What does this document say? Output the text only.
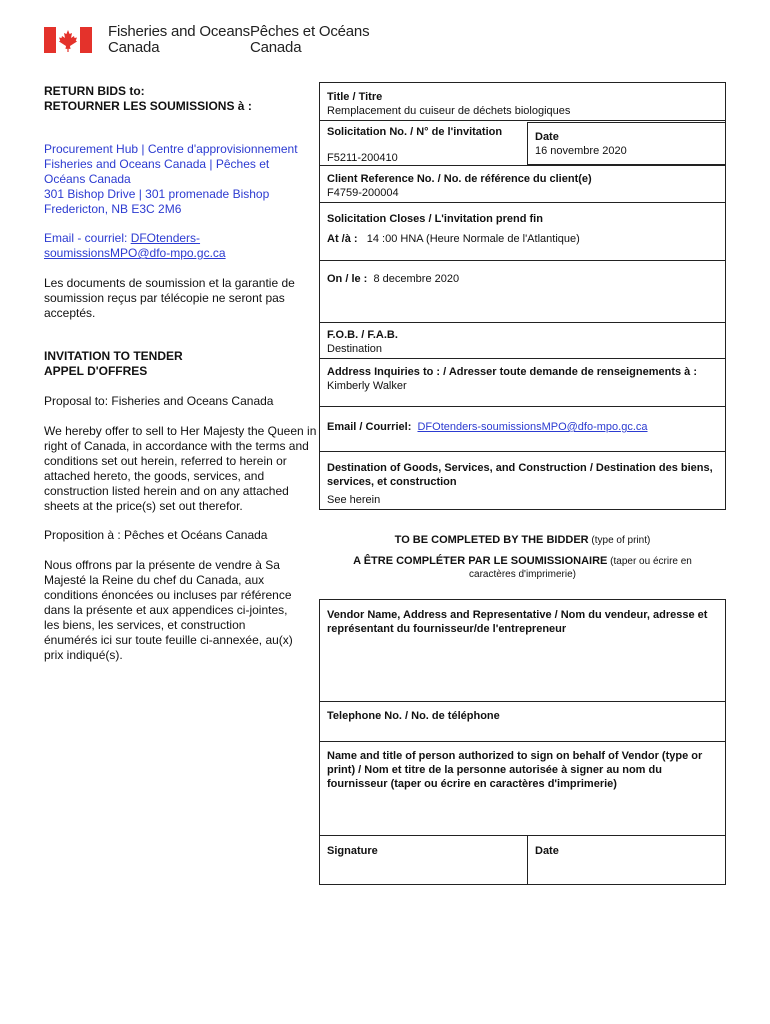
Fisheries and Oceans
Canada
Pêches et Océans
Canada
RETURN BIDS to:
RETOURNER LES SOUMISSIONS à :
Procurement Hub | Centre d'approvisionnement
Fisheries and Oceans Canada | Pêches et
Océans Canada
301 Bishop Drive | 301 promenade Bishop
Fredericton, NB E3C 2M6
Email - courriel: DFOtenders-
soumissionsMPO@dfo-mpo.gc.ca
Les documents de soumission et la garantie de soumission reçus par télécopie ne seront pas acceptés.
INVITATION TO TENDER
APPEL D'OFFRES
Proposal to: Fisheries and Oceans Canada
We hereby offer to sell to Her Majesty the Queen in right of Canada, in accordance with the terms and conditions set out herein, referred to herein or attached hereto, the goods, services, and construction listed herein and on any attached sheets at the price(s) set out therefor.
Proposition à : Pêches et Océans Canada
Nous offrons par la présente de vendre à Sa Majesté la Reine du chef du Canada, aux conditions énoncées ou incluses par référence dans la présente et aux appendices ci-jointes, les biens, les services, et construction énumérés ici sur toute feuille ci-annexée, au(x) prix indiqué(s).
Title / Titre
Remplacement du cuiseur de déchets biologiques
Solicitation No. / N° de l'invitation
F5211-200410
Date
16 novembre 2020
Client Reference No. / No. de référence du client(e)
F4759-200004
Solicitation Closes / L'invitation prend fin
At /à : 14 :00 HNA (Heure Normale de l'Atlantique)
On / le : 8 decembre 2020
F.O.B. / F.A.B.
Destination
Address Inquiries to : / Adresser toute demande de renseignements à :
Kimberly Walker
Email / Courriel: DFOtenders-soumissionsMPO@dfo-mpo.gc.ca
Destination of Goods, Services, and Construction / Destination des biens, services, et construction
See herein
TO BE COMPLETED BY THE BIDDER (type of print)
A ÊTRE COMPLÉTER PAR LE SOUMISSIONAIRE (taper ou écrire en
caractères d'imprimerie)
Vendor Name, Address and Representative / Nom du vendeur, adresse et représentant du fournisseur/de l'entrepreneur
Telephone No. / No. de téléphone
Name and title of person authorized to sign on behalf of Vendor (type or print) / Nom et titre de la personne autorisée à signer au nom du fournisseur (taper ou écrire en caractères d'imprimerie)
Signature	Date
